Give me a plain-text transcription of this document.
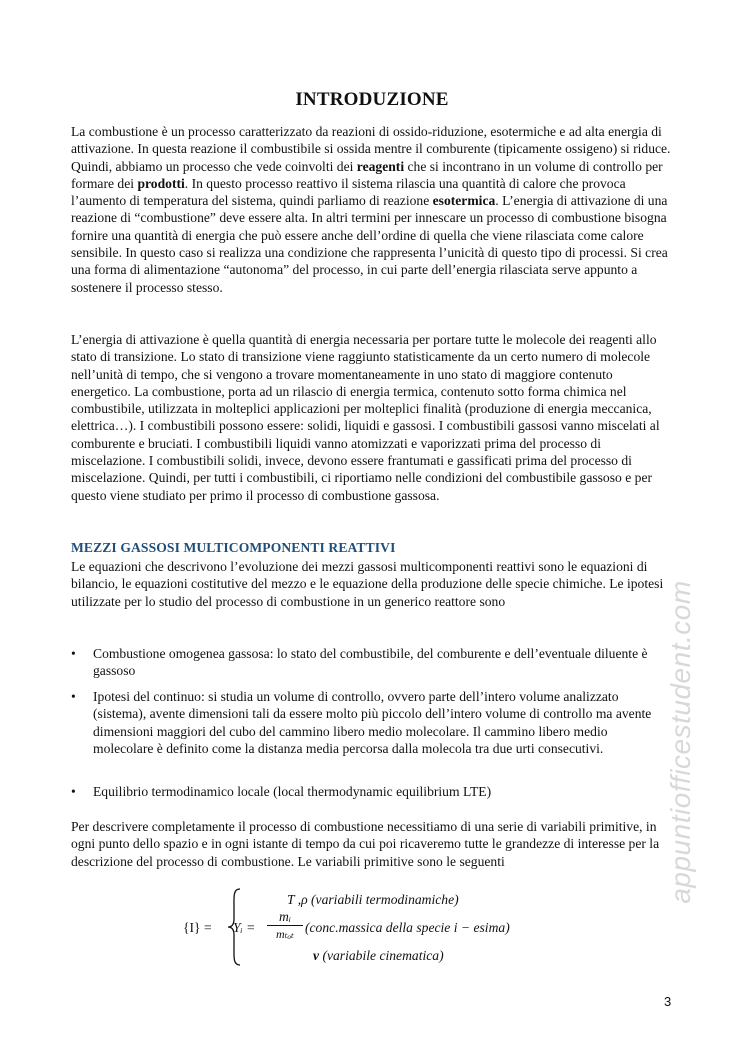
INTRODUZIONE

La combustione è un processo caratterizzato da reazioni di ossido-riduzione, esotermiche e ad alta energia di attivazione. In questa reazione il combustibile si ossida mentre il comburente (tipicamente ossigeno) si riduce. Quindi, abbiamo un processo che vede coinvolti dei reagenti che si incontrano in un volume di controllo per formare dei prodotti. In questo processo reattivo il sistema rilascia una quantità di calore che provoca l’aumento di temperatura del sistema, quindi parliamo di reazione esotermica. L’energia di attivazione di una reazione di “combustione” deve essere alta. In altri termini per innescare un processo di combustione bisogna fornire una quantità di energia che può essere anche dell’ordine di quella che viene rilasciata come calore sensibile. In questo caso si realizza una condizione che rappresenta l’unicità di questo tipo di processi. Si crea una forma di alimentazione “autonoma” del processo, in cui parte dell’energia rilasciata serve appunto a sostenere il processo stesso.

L’energia di attivazione è quella quantità di energia necessaria per portare tutte le molecole dei reagenti allo stato di transizione. Lo stato di transizione viene raggiunto statisticamente da un certo numero di molecole nell’unità di tempo, che si vengono a trovare momentaneamente in uno stato di maggiore contenuto energetico. La combustione, porta ad un rilascio di energia termica, contenuto sotto forma chimica nel combustibile, utilizzata in molteplici applicazioni per molteplici finalità (produzione di energia meccanica, elettrica…). I combustibili possono essere: solidi, liquidi e gassosi. I combustibili gassosi vanno miscelati al comburente e bruciati. I combustibili liquidi vanno atomizzati e vaporizzati prima del processo di miscelazione. I combustibili solidi, invece, devono essere frantumati e gassificati prima del processo di miscelazione. Quindi, per tutti i combustibili, ci riportiamo nelle condizioni del combustibile gassoso e per questo viene studiato per primo il processo di combustione gassosa.

MEZZI GASSOSI MULTICOMPONENTI REATTIVI

Le equazioni che descrivono l’evoluzione dei mezzi gassosi multicomponenti reattivi sono le equazioni di bilancio, le equazioni costitutive del mezzo e le equazione della produzione delle specie chimiche. Le ipotesi utilizzate per lo studio del processo di combustione in un generico reattore sono

•	Combustione omogenea gassosa: lo stato del combustibile, del comburente e dell’eventuale diluente è gassoso
•	Ipotesi del continuo: si studia un volume di controllo, ovvero parte dell’intero volume analizzato (sistema), avente dimensioni tali da essere molto più piccolo dell’intero volume di controllo ma avente dimensioni maggiori del cubo del cammino libero medio molecolare. Il cammino libero medio molecolare è definito come la distanza media percorsa dalla molecola tra due urti consecutivi.
•	Equilibrio termodinamico locale (local thermodynamic equilibrium LTE)

Per descrivere completamente il processo di combustione necessitiamo di una serie di variabili primitive, in ogni punto dello spazio e in ogni istante di tempo da cui poi ricaveremo tutte le grandezze di interesse per la descrizione del processo di combustione. Le variabili primitive sono le seguenti

{I} =
T ,ρ (variabili termodinamiche)
Yᵢ =
mᵢ
mₜₒₜ (conc.massica della specie i − esima)
v (variabile cinematica)
appuntiofficestudent.com
3
